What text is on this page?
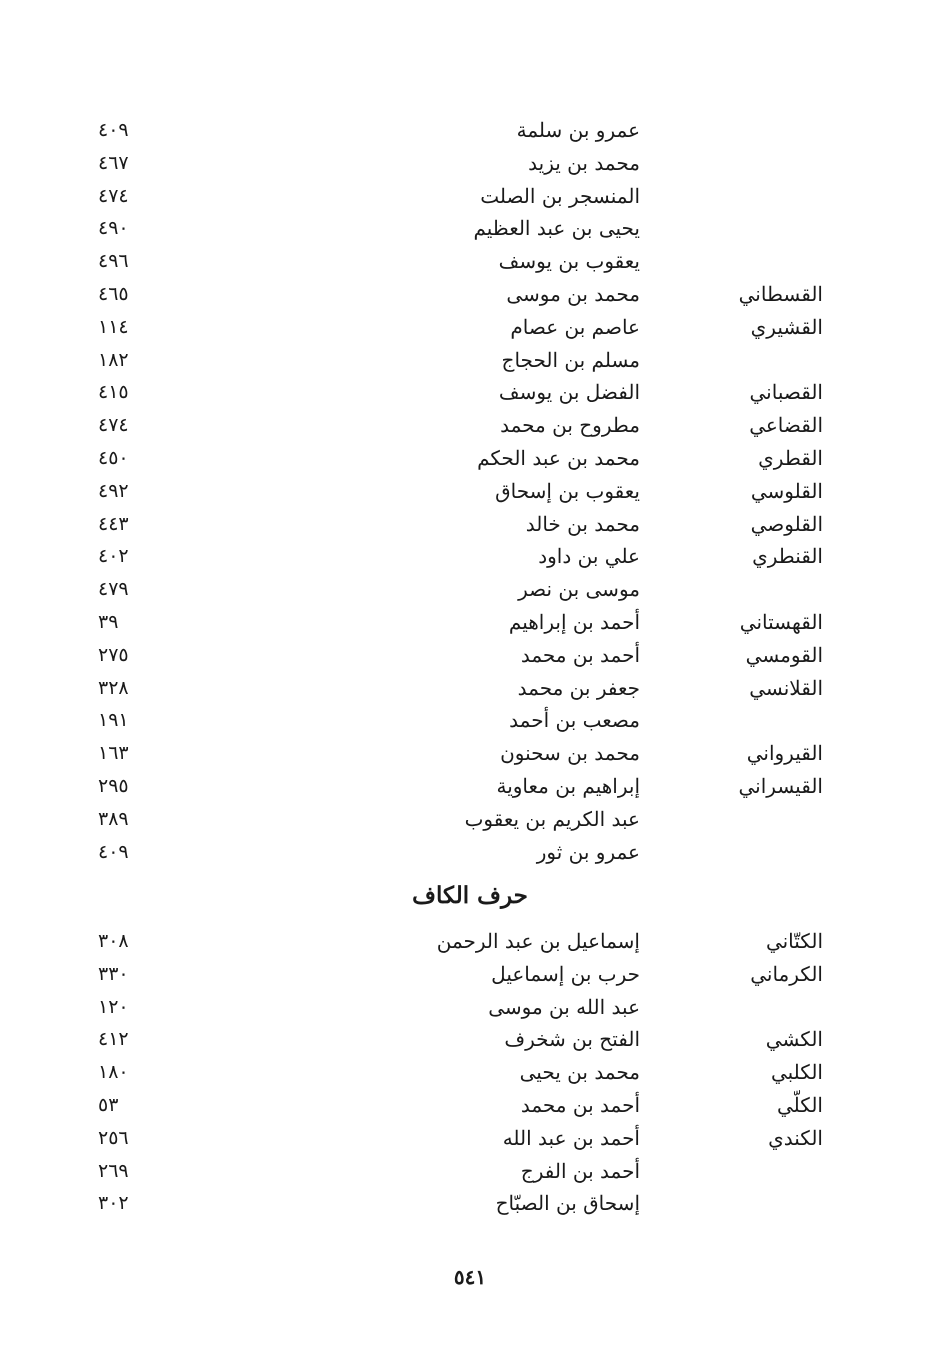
عمرو بن سلمة
٤٠٩
محمد بن يزيد
٤٦٧
المنسجر بن الصلت
٤٧٤
يحيى بن عبد العظيم
٤٩٠
يعقوب بن يوسف
٤٩٦
القسطاني
محمد بن موسى
٤٦٥
القشيري
عاصم بن عصام
١١٤
مسلم بن الحجاج
١٨٢
القصباني
الفضل بن يوسف
٤١٥
القضاعي
مطروح بن محمد
٤٧٤
القطري
محمد بن عبد الحكم
٤٥٠
القلوسي
يعقوب بن إسحاق
٤٩٢
القلوصي
محمد بن خالد
٤٤٣
القنطري
علي بن داود
٤٠٢
موسى بن نصر
٤٧٩
القهستاني
أحمد بن إبراهيم
٣٩
القومسي
أحمد بن محمد
٢٧٥
القلانسي
جعفر بن محمد
٣٢٨
مصعب بن أحمد
١٩١
القيرواني
محمد بن سحنون
١٦٣
القيسراني
إبراهيم بن معاوية
٢٩٥
عبد الكريم بن يعقوب
٣٨٩
عمرو بن ثور
٤٠٩
حرف الكاف
الكتّاني
إسماعيل بن عبد الرحمن
٣٠٨
الكرماني
حرب بن إسماعيل
٣٣٠
عبد الله بن موسى
١٢٠
الكشي
الفتح بن شخرف
٤١٢
الكلبي
محمد بن يحيى
١٨٠
الكلّي
أحمد بن محمد
٥٣
الكندي
أحمد بن عبد الله
٢٥٦
أحمد بن الفرج
٢٦٩
إسحاق بن الصبّاح
٣٠٢
٥٤١
